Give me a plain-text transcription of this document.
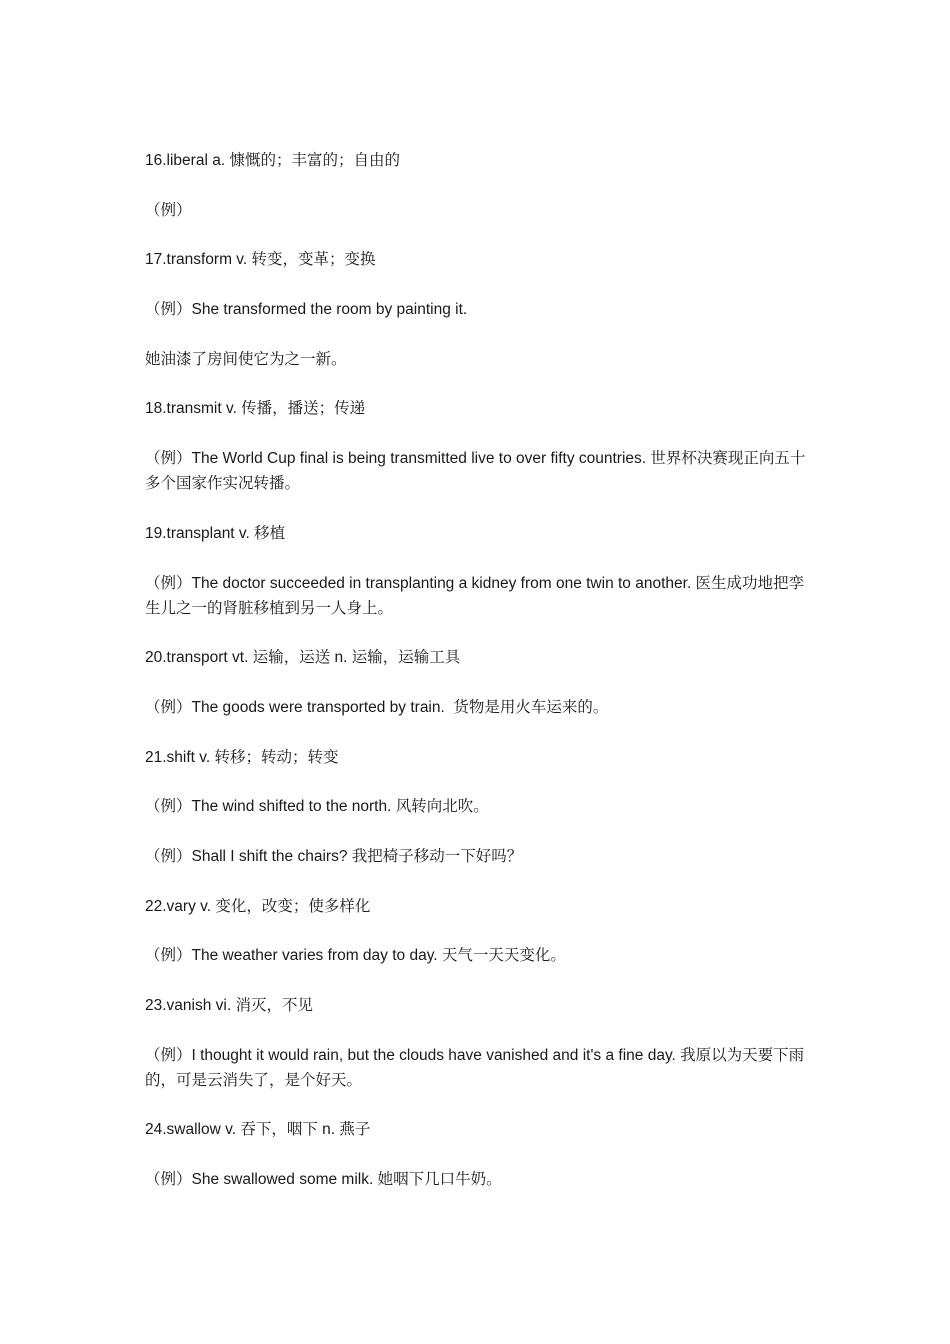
16.liberal a. 慷慨的；丰富的；自由的

（例）

17.transform v. 转变，变革；变换

（例）She transformed the room by painting it.

她油漆了房间使它为之一新。

18.transmit v. 传播，播送；传递

（例）The World Cup final is being transmitted live to over fifty countries. 世界杯决赛现正向五十多个国家作实况转播。

19.transplant v. 移植

（例）The doctor succeeded in transplanting a kidney from one twin to another. 医生成功地把孪生儿之一的肾脏移植到另一人身上。

20.transport vt. 运输，运送 n. 运输，运输工具

（例）The goods were transported by train.  货物是用火车运来的。

21.shift v. 转移；转动；转变

（例）The wind shifted to the north. 风转向北吹。

（例）Shall I shift the chairs? 我把椅子移动一下好吗？

22.vary v. 变化，改变；使多样化

（例）The weather varies from day to day. 天气一天天变化。

23.vanish vi. 消灭，不见

（例）I thought it would rain, but the clouds have vanished and it's a fine day. 我原以为天要下雨的，可是云消失了，是个好天。

24.swallow v. 吞下，咽下 n. 燕子

（例）She swallowed some milk. 她咽下几口牛奶。
